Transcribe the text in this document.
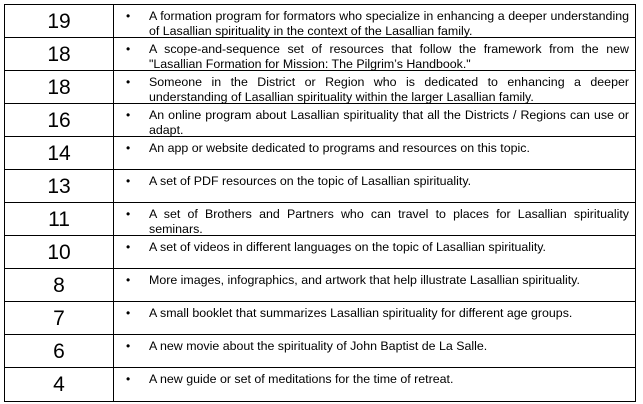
19	•	A formation program for formators who specialize in enhancing a deeper understanding of Lasallian spirituality in the context of the Lasallian family.
18	•	A scope-and-sequence set of resources that follow the framework from the new "Lasallian Formation for Mission: The Pilgrim’s Handbook."
18	•	Someone in the District or Region who is dedicated to enhancing a deeper understanding of Lasallian spirituality within the larger Lasallian family.
16	•	An online program about Lasallian spirituality that all the Districts / Regions can use or adapt.
14	•	An app or website dedicated to programs and resources on this topic.
13	•	A set of PDF resources on the topic of Lasallian spirituality.
11	•	A set of Brothers and Partners who can travel to places for Lasallian spirituality seminars.
10	•	A set of videos in different languages on the topic of Lasallian spirituality.
8	•	More images, infographics, and artwork that help illustrate Lasallian spirituality.
7	•	A small booklet that summarizes Lasallian spirituality for different age groups.
6	•	A new movie about the spirituality of John Baptist de La Salle.
4	•	A new guide or set of meditations for the time of retreat.
